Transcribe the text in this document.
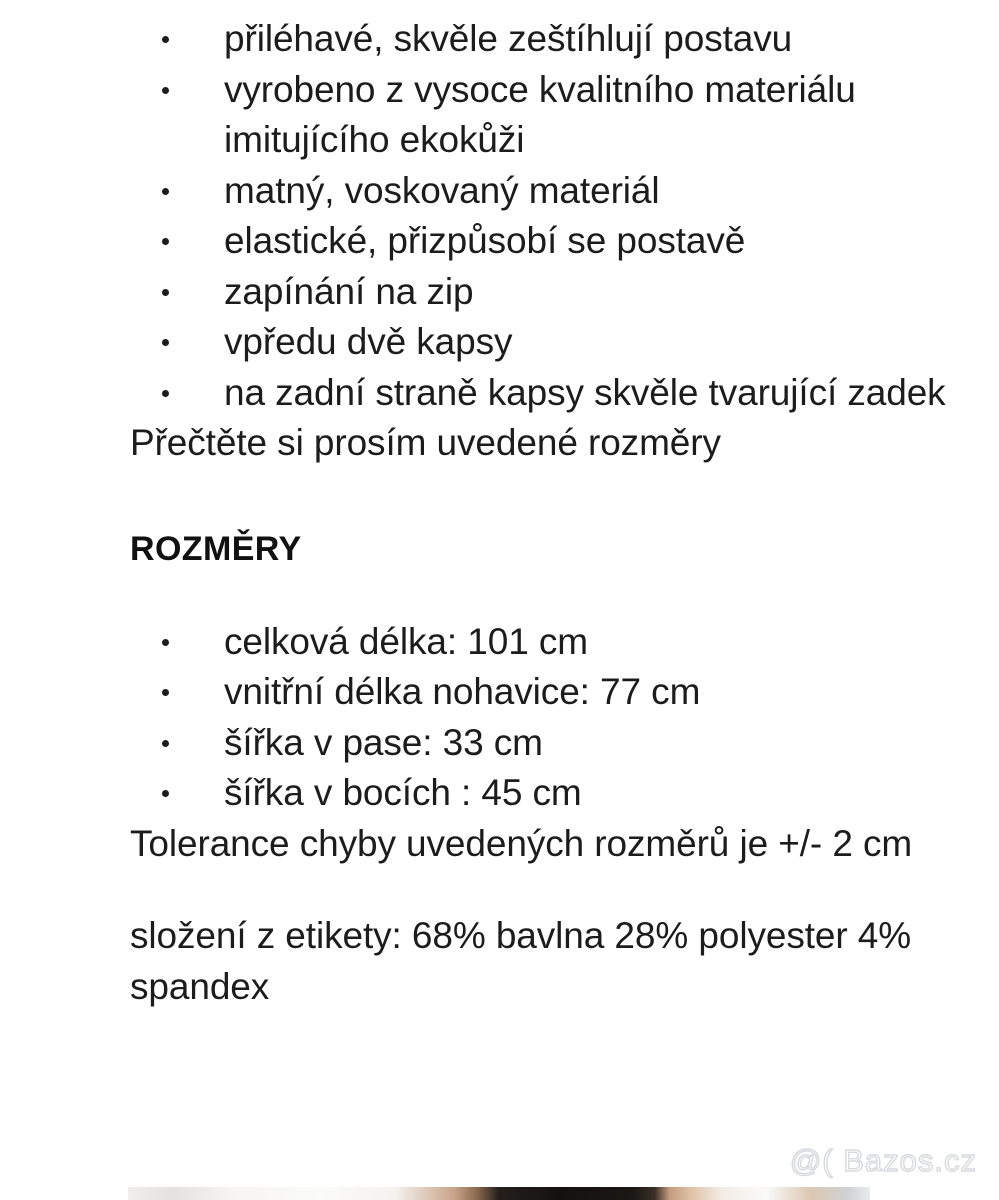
přiléhavé, skvěle zeštíhlují postavu
vyrobeno z vysoce kvalitního materiálu imitujícího ekokůži
matný, voskovaný materiál
elastické, přizpůsobí se postavě
zapínání na zip
vpředu dvě kapsy
na zadní straně kapsy skvěle tvarující zadek

Přečtěte si prosím uvedené rozměry

ROZMĚRY
celková délka: 101 cm
vnitřní délka nohavice: 77 cm
šířka v pase: 33 cm
šířka v bocích : 45 cm

Tolerance chyby uvedených rozměrů je +/- 2 cm

složení z etikety: 68% bavlna 28% polyester 4% spandex

@( Bazos.cz
